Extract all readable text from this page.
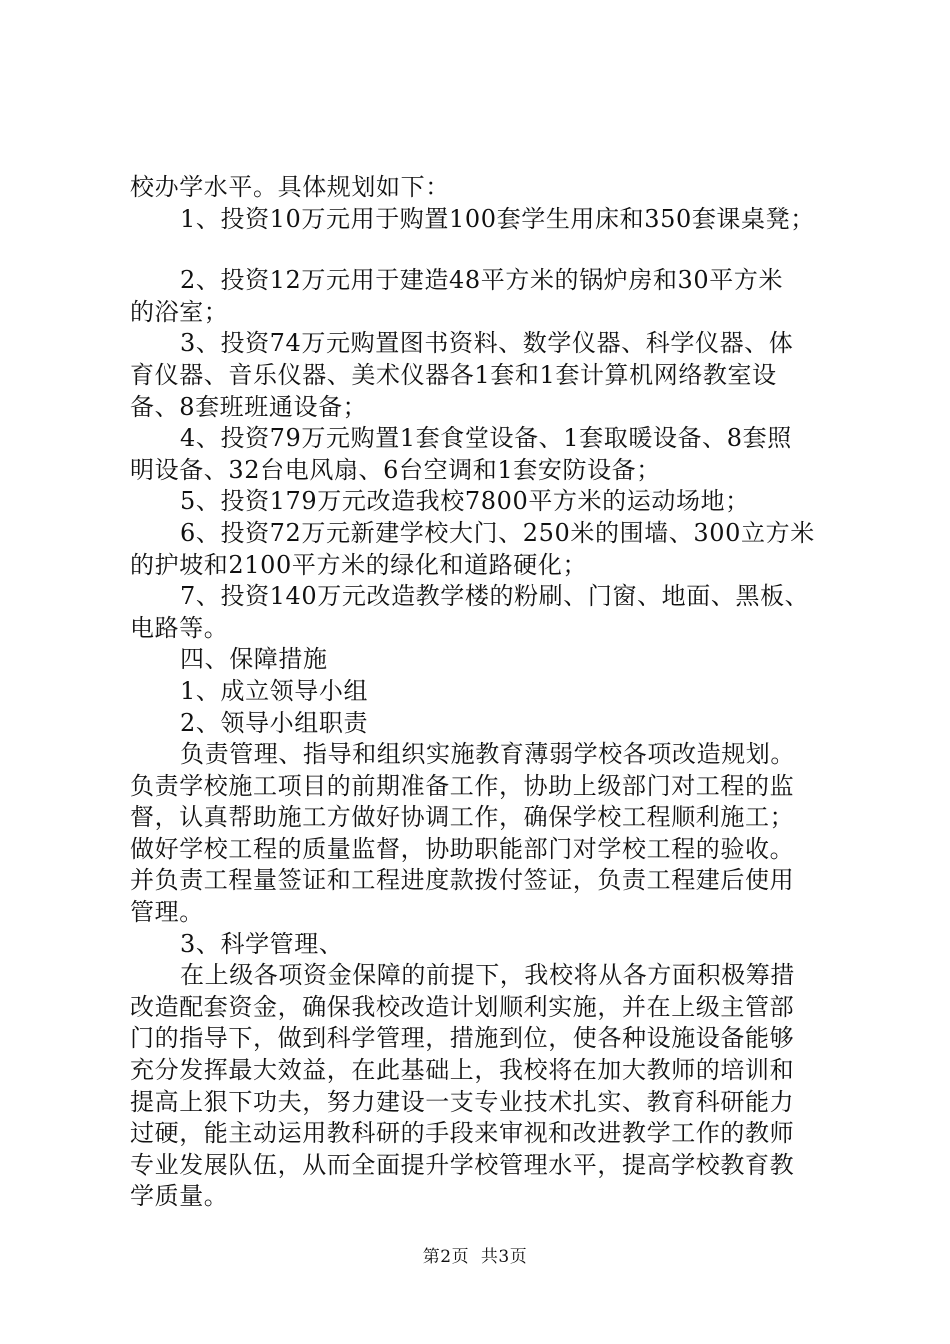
校办学水平。具体规划如下：

1、投资10万元用于购置100套学生用床和350套课桌凳；

2、投资12万元用于建造48平方米的锅炉房和30平方米

的浴室；

3、投资74万元购置图书资料、数学仪器、科学仪器、体

育仪器、音乐仪器、美术仪器各1套和1套计算机网络教室设

备、8套班班通设备；

4、投资79万元购置1套食堂设备、1套取暖设备、8套照

明设备、32台电风扇、6台空调和1套安防设备；

5、投资179万元改造我校7800平方米的运动场地；

6、投资72万元新建学校大门、250米的围墙、300立方米

的护坡和2100平方米的绿化和道路硬化；

7、投资140万元改造教学楼的粉刷、门窗、地面、黑板、

电路等。

四、保障措施

1、成立领导小组

2、领导小组职责

负责管理、指导和组织实施教育薄弱学校各项改造规划。

负责学校施工项目的前期准备工作，协助上级部门对工程的监

督，认真帮助施工方做好协调工作，确保学校工程顺利施工；

做好学校工程的质量监督，协助职能部门对学校工程的验收。

并负责工程量签证和工程进度款拨付签证，负责工程建后使用

管理。

3、科学管理、

在上级各项资金保障的前提下，我校将从各方面积极筹措

改造配套资金，确保我校改造计划顺利实施，并在上级主管部

门的指导下，做到科学管理，措施到位，使各种设施设备能够

充分发挥最大效益，在此基础上，我校将在加大教师的培训和

提高上狠下功夫，努力建设一支专业技术扎实、教育科研能力

过硬，能主动运用教科研的手段来审视和改进教学工作的教师

专业发展队伍，从而全面提升学校管理水平，提高学校教育教

学质量。

第2页  共3页
